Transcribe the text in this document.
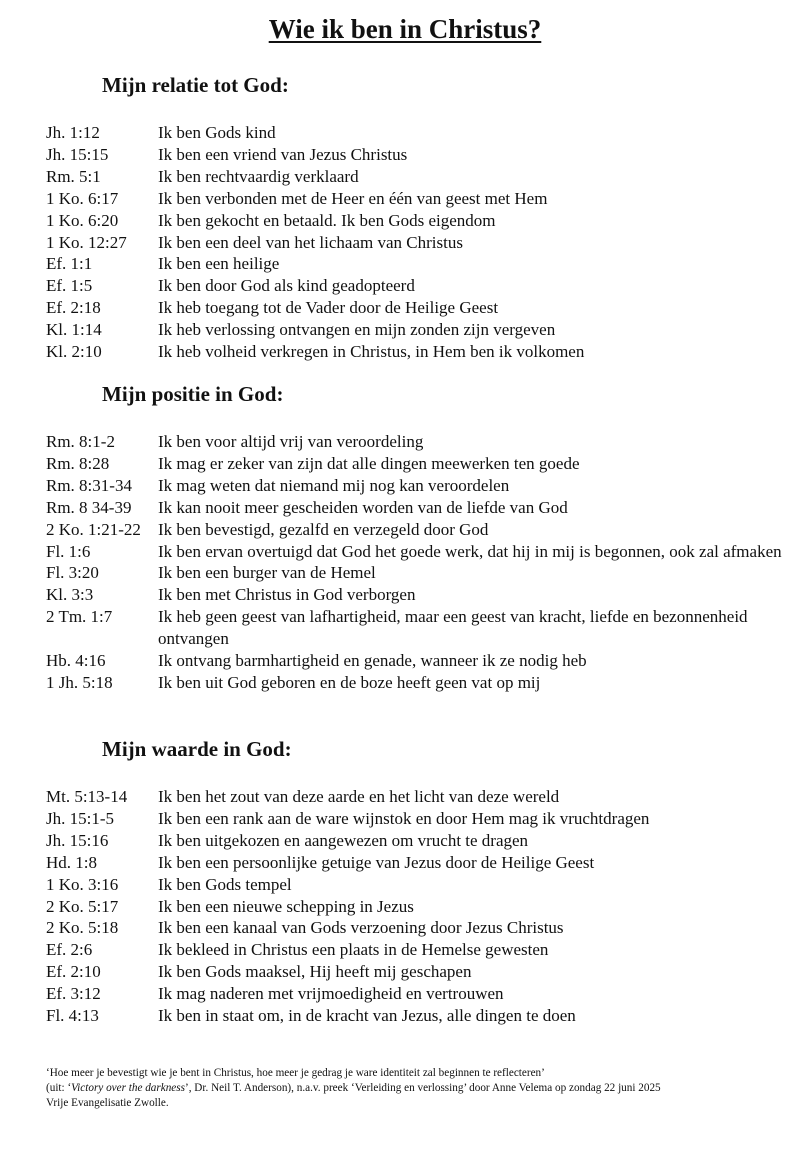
Wie ik ben in Christus?
Mijn relatie tot God:
Jh. 1:12	Ik ben Gods kind
Jh. 15:15	Ik ben een vriend van Jezus Christus
Rm. 5:1	Ik ben rechtvaardig verklaard
1 Ko. 6:17	Ik ben verbonden met de Heer en één van geest met Hem
1 Ko. 6:20	Ik ben gekocht en betaald. Ik ben Gods eigendom
1 Ko. 12:27	Ik ben een deel van het lichaam van Christus
Ef. 1:1	Ik ben een heilige
Ef. 1:5	Ik ben door God als kind geadopteerd
Ef. 2:18	Ik heb toegang tot de Vader door de Heilige Geest
Kl. 1:14	Ik heb verlossing ontvangen en mijn zonden zijn vergeven
Kl. 2:10	Ik heb volheid verkregen in Christus, in Hem ben ik volkomen
Mijn positie in God:
Rm. 8:1-2	Ik ben voor altijd vrij van veroordeling
Rm. 8:28	Ik mag er zeker van zijn dat alle dingen meewerken ten goede
Rm. 8:31-34	Ik mag weten dat niemand mij nog kan veroordelen
Rm. 8 34-39	Ik kan nooit meer gescheiden worden van de liefde van God
2 Ko. 1:21-22	Ik ben bevestigd, gezalfd en verzegeld door God
Fl. 1:6	Ik ben ervan overtuigd dat God het goede werk, dat hij in mij is begonnen, ook zal afmaken
Fl. 3:20	Ik ben een burger van de Hemel
Kl. 3:3	Ik ben met Christus in God verborgen
2 Tm. 1:7	Ik heb geen geest van lafhartigheid, maar een geest van kracht, liefde en bezonnenheid ontvangen
Hb. 4:16	Ik ontvang barmhartigheid en genade, wanneer ik ze nodig heb
1 Jh. 5:18	Ik ben uit God geboren en de boze heeft geen vat op mij
Mijn waarde in God:
Mt. 5:13-14	Ik ben het zout van deze aarde en het licht van deze wereld
Jh. 15:1-5	Ik ben een rank aan de ware wijnstok en door Hem mag ik vruchtdragen
Jh. 15:16	Ik ben uitgekozen en aangewezen om vrucht te dragen
Hd. 1:8	Ik ben een persoonlijke getuige van Jezus door de Heilige Geest
1 Ko. 3:16	Ik ben Gods tempel
2 Ko. 5:17	Ik ben een nieuwe schepping in Jezus
2 Ko. 5:18	Ik ben een kanaal van Gods verzoening door Jezus Christus
Ef. 2:6	Ik bekleed in Christus een plaats in de Hemelse gewesten
Ef. 2:10	Ik ben Gods maaksel, Hij heeft mij geschapen
Ef. 3:12	Ik mag naderen met vrijmoedigheid en vertrouwen
Fl. 4:13	Ik ben in staat om, in de kracht van Jezus, alle dingen te doen
‘Hoe meer je bevestigt wie je bent in Christus, hoe meer je gedrag je ware identiteit zal beginnen te reflecteren’
(uit: ‘Victory over the darkness’, Dr. Neil T. Anderson), n.a.v. preek ‘Verleiding en verlossing’ door Anne Velema op zondag 22 juni 2025
Vrije Evangelisatie Zwolle.
